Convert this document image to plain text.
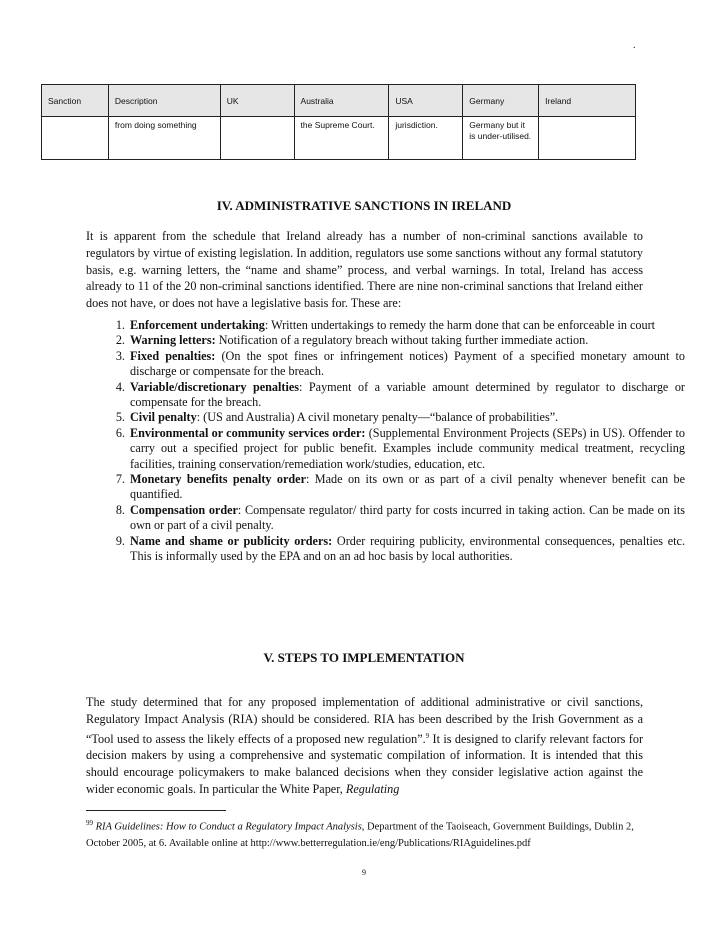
.
Sanction	Description	UK	Australia	USA	Germany	Ireland
	from doing something		the Supreme Court.	jurisdiction.	Germany but it is under-utilised.	
IV. ADMINISTRATIVE SANCTIONS IN IRELAND

It is apparent from the schedule that Ireland already has a number of non-criminal sanctions available to regulators by virtue of existing legislation. In addition, regulators use some sanctions without any formal statutory basis, e.g. warning letters, the “name and shame” process, and verbal warnings. In total, Ireland has access already to 11 of the 20 non-criminal sanctions identified. There are nine non-criminal sanctions that Ireland either does not have, or does not have a legislative basis for. These are:

1. Enforcement undertaking: Written undertakings to remedy the harm done that can be enforceable in court
2. Warning letters: Notification of a regulatory breach without taking further immediate action.
3. Fixed penalties: (On the spot fines or infringement notices) Payment of a specified monetary amount to discharge or compensate for the breach.
4. Variable/discretionary penalties: Payment of a variable amount determined by regulator to discharge or compensate for the breach.
5. Civil penalty: (US and Australia) A civil monetary penalty—“balance of probabilities”.
6. Environmental or community services order: (Supplemental Environment Projects (SEPs) in US). Offender to carry out a specified project for public benefit. Examples include community medical treatment, recycling facilities, training conservation/remediation work/studies, education, etc.
7. Monetary benefits penalty order: Made on its own or as part of a civil penalty whenever benefit can be quantified.
8. Compensation order: Compensate regulator/ third party for costs incurred in taking action. Can be made on its own or part of a civil penalty.
9. Name and shame or publicity orders: Order requiring publicity, environmental consequences, penalties etc. This is informally used by the EPA and on an ad hoc basis by local authorities.
V. STEPS TO IMPLEMENTATION

The study determined that for any proposed implementation of additional administrative or civil sanctions, Regulatory Impact Analysis (RIA) should be considered. RIA has been described by the Irish Government as a “Tool used to assess the likely effects of a proposed new regulation”.$^9$ It is designed to clarify relevant factors for decision makers by using a comprehensive and systematic compilation of information. It is intended that this should encourage policymakers to make balanced decisions when they consider legislative action against the wider economic goals. In particular the White Paper, Regulating

$^{99}$ RIA Guidelines: How to Conduct a Regulatory Impact Analysis, Department of the Taoiseach, Government Buildings, Dublin 2, October 2005, at 6. Available online at http://www.betterregulation.ie/eng/Publications/RIAguidelines.pdf

9
